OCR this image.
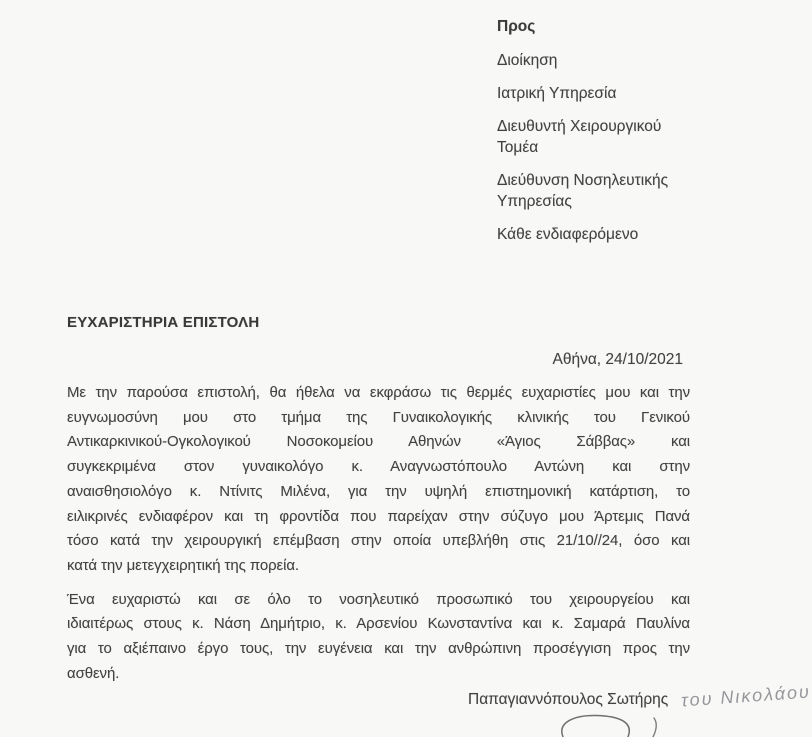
Προς
Διοίκηση
Ιατρική Υπηρεσία
Διευθυντή Χειρουργικού Τομέα
Διεύθυνση Νοσηλευτικής Υπηρεσίας
Κάθε ενδιαφερόμενο
ΕΥΧΑΡΙΣΤΗΡΙΑ ΕΠΙΣΤΟΛΗ
Αθήνα, 24/10/2021
Με την παρούσα επιστολή, θα ήθελα να εκφράσω τις θερμές ευχαριστίες μου και την
ευγνωμοσύνη μου στο τμήμα της Γυναικολογικής κλινικής του Γενικού
Αντικαρκινικού-Ογκολογικού Νοσοκομείου Αθηνών «Άγιος Σάββας» και
συγκεκριμένα στον γυναικολόγο κ. Αναγνωστόπουλο Αντώνη και στην
αναισθησιολόγο κ. Ντίνιτς Μιλένα, για την υψηλή επιστημονική κατάρτιση, το
ειλικρινές ενδιαφέρον και τη φροντίδα που παρείχαν στην σύζυγο μου Άρτεμις Πανά
τόσο κατά την χειρουργική επέμβαση στην οποία υπεβλήθη στις 21/10//24, όσο και
κατά την μετεγχειρητική της πορεία.
Ένα ευχαριστώ και σε όλο το νοσηλευτικό προσωπικό του χειρουργείου και
ιδιαιτέρως στους κ. Νάση Δημήτριο, κ. Αρσενίου Κωνσταντίνα και κ. Σαμαρά Παυλίνα
για το αξιέπαινο έργο τους, την ευγένεια και την ανθρώπινη προσέγγιση προς την
ασθενή.
Παπαγιαννόπουλος Σωτήρης του Νικολάου
